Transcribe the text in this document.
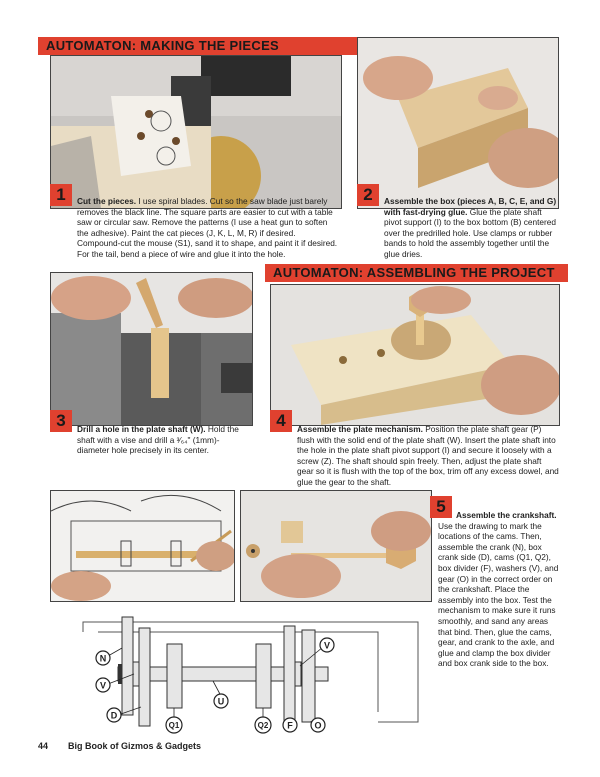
AUTOMATON: MAKING THE PIECES
1	Cut the pieces. I use spiral blades. Cut so the saw blade just barely removes the black line. The square parts are easier to cut with a table saw or circular saw. Remove the patterns (I use a heat gun to soften the adhesive). Paint the cat pieces (J, K, L, M, R) if desired. Compound-cut the mouse (S1), sand it to shape, and paint it if desired. For the tail, bend a piece of wire and glue it into the hole.
2	Assemble the box (pieces A, B, C, E, and G) with fast-drying glue. Glue the plate shaft pivot support (I) to the box bottom (B) centered over the predrilled hole. Use clamps or rubber bands to hold the assembly together until the glue dries.
3	Drill a hole in the plate shaft (W). Hold the shaft with a vise and drill a ³⁄₆₄" (1mm)-diameter hole precisely in its center.
AUTOMATON: ASSEMBLING THE PROJECT
4	Assemble the plate mechanism. Position the plate shaft gear (P) flush with the solid end of the plate shaft (W). Insert the plate shaft into the hole in the plate shaft pivot support (I) and secure it loosely with a screw (Z). The shaft should spin freely. Then, adjust the plate shaft gear so it is flush with the top of the box, trim off any excess dowel, and glue the gear to the shaft.
5	Assemble the crankshaft. Use the drawing to mark the locations of the cams. Then, assemble the crank (N), box crank side (D), cams (Q1, Q2), box divider (F), washers (V), and gear (O) in the correct order on the crankshaft. Place the assembly into the box. Test the mechanism to make sure it runs smoothly, and sand any areas that bind. Then, glue the cams, gear, and crank to the axle, and glue and clamp the box divider and box crank side to the box.
N
V
D
U
Q1	Q2 F O
V
44 Big Book of Gizmos & Gadgets
